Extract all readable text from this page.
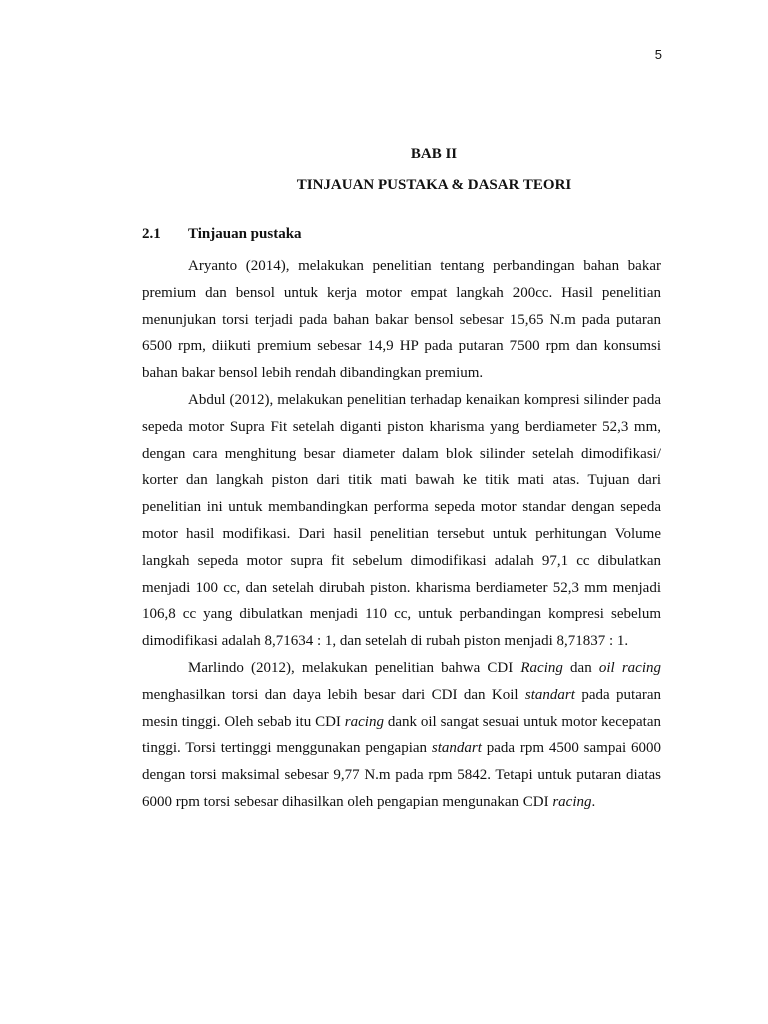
5
BAB II
TINJAUAN PUSTAKA & DASAR TEORI
2.1	Tinjauan pustaka

Aryanto (2014), melakukan penelitian tentang perbandingan bahan bakar premium dan bensol untuk kerja motor empat langkah 200cc. Hasil penelitian menunjukan torsi terjadi pada bahan bakar bensol sebesar 15,65 N.m pada putaran 6500 rpm, diikuti premium sebesar 14,9 HP pada putaran 7500 rpm dan konsumsi bahan bakar bensol lebih rendah dibandingkan premium.

Abdul (2012), melakukan penelitian terhadap kenaikan kompresi silinder pada sepeda motor Supra Fit setelah diganti piston kharisma yang berdiameter 52,3 mm, dengan cara menghitung besar diameter dalam blok silinder setelah dimodifikasi/ korter dan langkah piston dari titik mati bawah ke titik mati atas. Tujuan dari penelitian ini untuk membandingkan performa sepeda motor standar dengan sepeda motor hasil modifikasi. Dari hasil penelitian tersebut untuk perhitungan Volume langkah sepeda motor supra fit sebelum dimodifikasi adalah 97,1 cc dibulatkan menjadi 100 cc, dan setelah dirubah piston. kharisma berdiameter 52,3 mm menjadi 106,8 cc yang dibulatkan menjadi 110 cc, untuk perbandingan kompresi sebelum dimodifikasi adalah 8,71634 : 1, dan setelah di rubah piston menjadi 8,71837 : 1.

Marlindo (2012), melakukan penelitian bahwa CDI Racing dan oil racing menghasilkan torsi dan daya lebih besar dari CDI dan Koil standart pada putaran mesin tinggi. Oleh sebab itu CDI racing dank oil sangat sesuai untuk motor kecepatan tinggi. Torsi tertinggi menggunakan pengapian standart pada rpm 4500 sampai 6000 dengan torsi maksimal sebesar 9,77 N.m pada rpm 5842. Tetapi untuk putaran diatas 6000 rpm torsi sebesar dihasilkan oleh pengapian mengunakan CDI racing.
